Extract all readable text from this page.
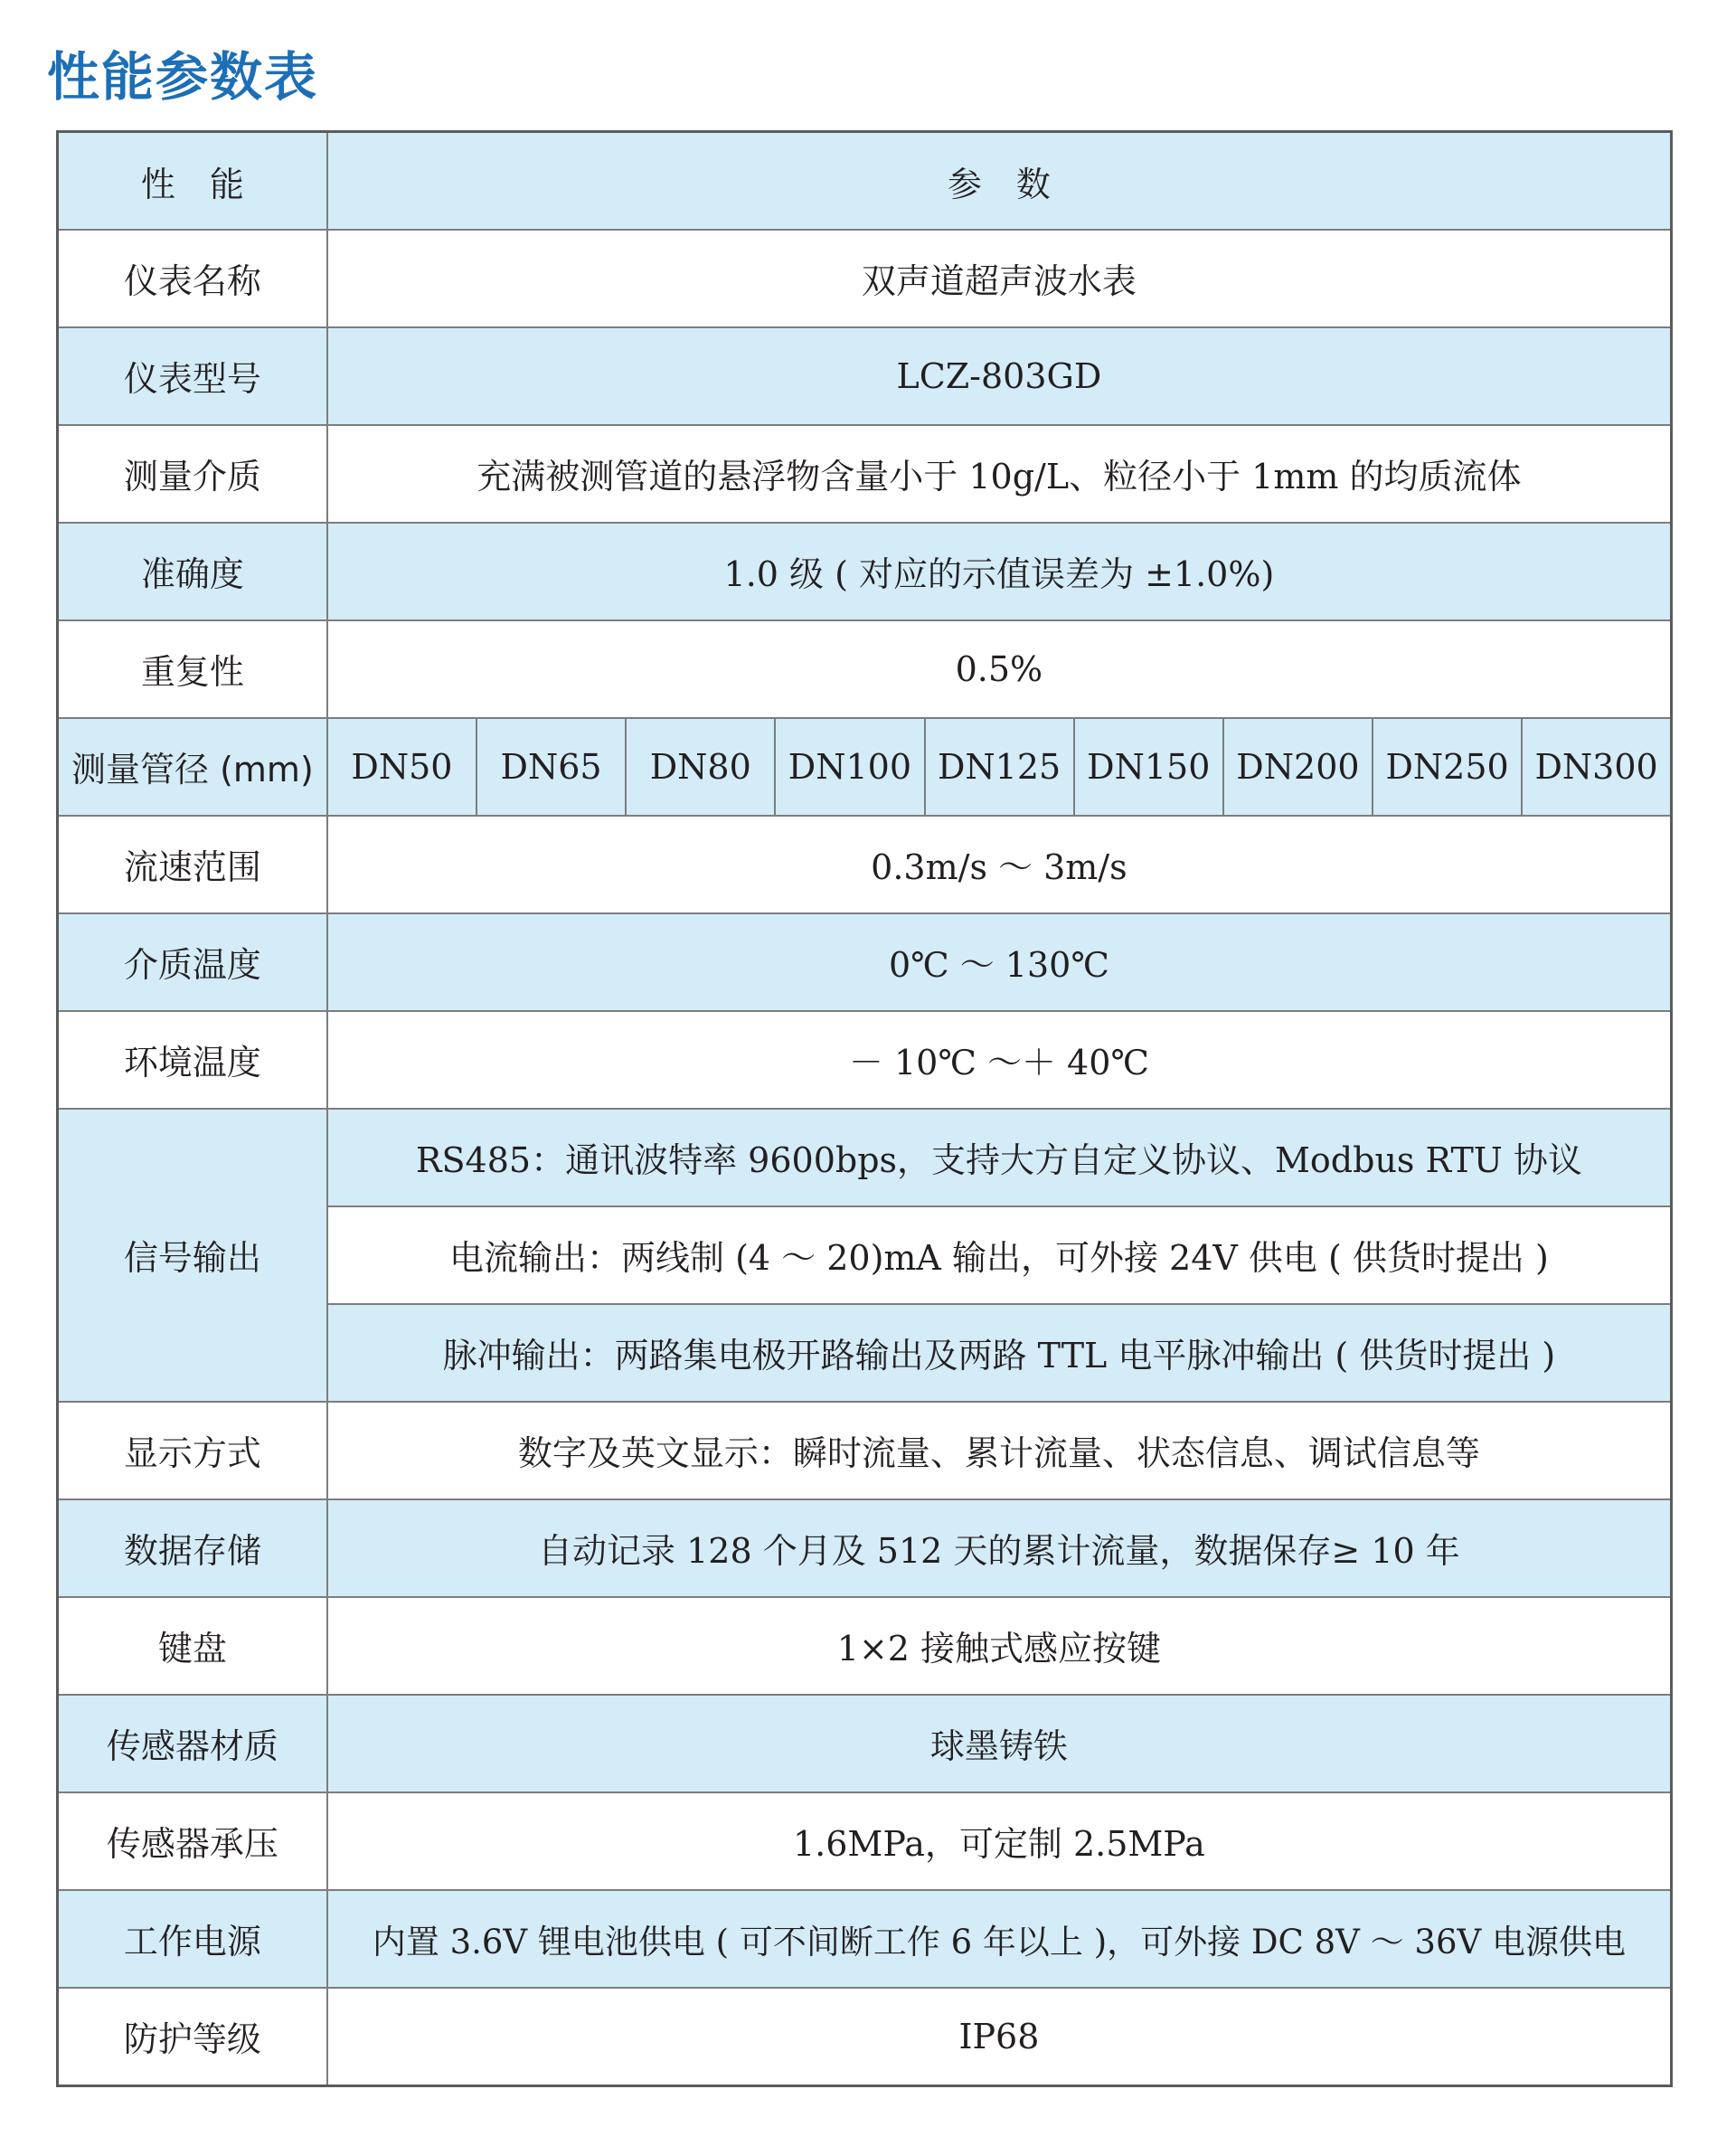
性能参数表
性　能	参　数								
仪表名称	双声道超声波水表								
仪表型号	LCZ-803GD								
测量介质	充满被测管道的悬浮物含量小于 10g/L、粒径小于 1mm 的均质流体								
准确度	1.0 级 ( 对应的示值误差为 ±1.0%)								
重复性	0.5%								
测量管径 (mm)	DN50	DN65	DN80	DN100	DN125	DN150	DN200	DN250	DN300
流速范围	0.3m/s ～ 3m/s								
介质温度	0℃ ～ 130℃								
环境温度	－ 10℃ ～＋ 40℃								
信号输出	RS485：通讯波特率 9600bps，支持大方自定义协议、Modbus RTU 协议								
	电流输出：两线制 (4 ～ 20)mA 输出，可外接 24V 供电 ( 供货时提出 )								
	脉冲输出：两路集电极开路输出及两路 TTL 电平脉冲输出 ( 供货时提出 )								
显示方式	数字及英文显示：瞬时流量、累计流量、状态信息、调试信息等								
数据存储	自动记录 128 个月及 512 天的累计流量，数据保存≥ 10 年								
键盘	1×2 接触式感应按键								
传感器材质	球墨铸铁								
传感器承压	1.6MPa，可定制 2.5MPa								
工作电源	内置 3.6V 锂电池供电 ( 可不间断工作 6 年以上 )，可外接 DC 8V ～ 36V 电源供电								
防护等级	IP68								
